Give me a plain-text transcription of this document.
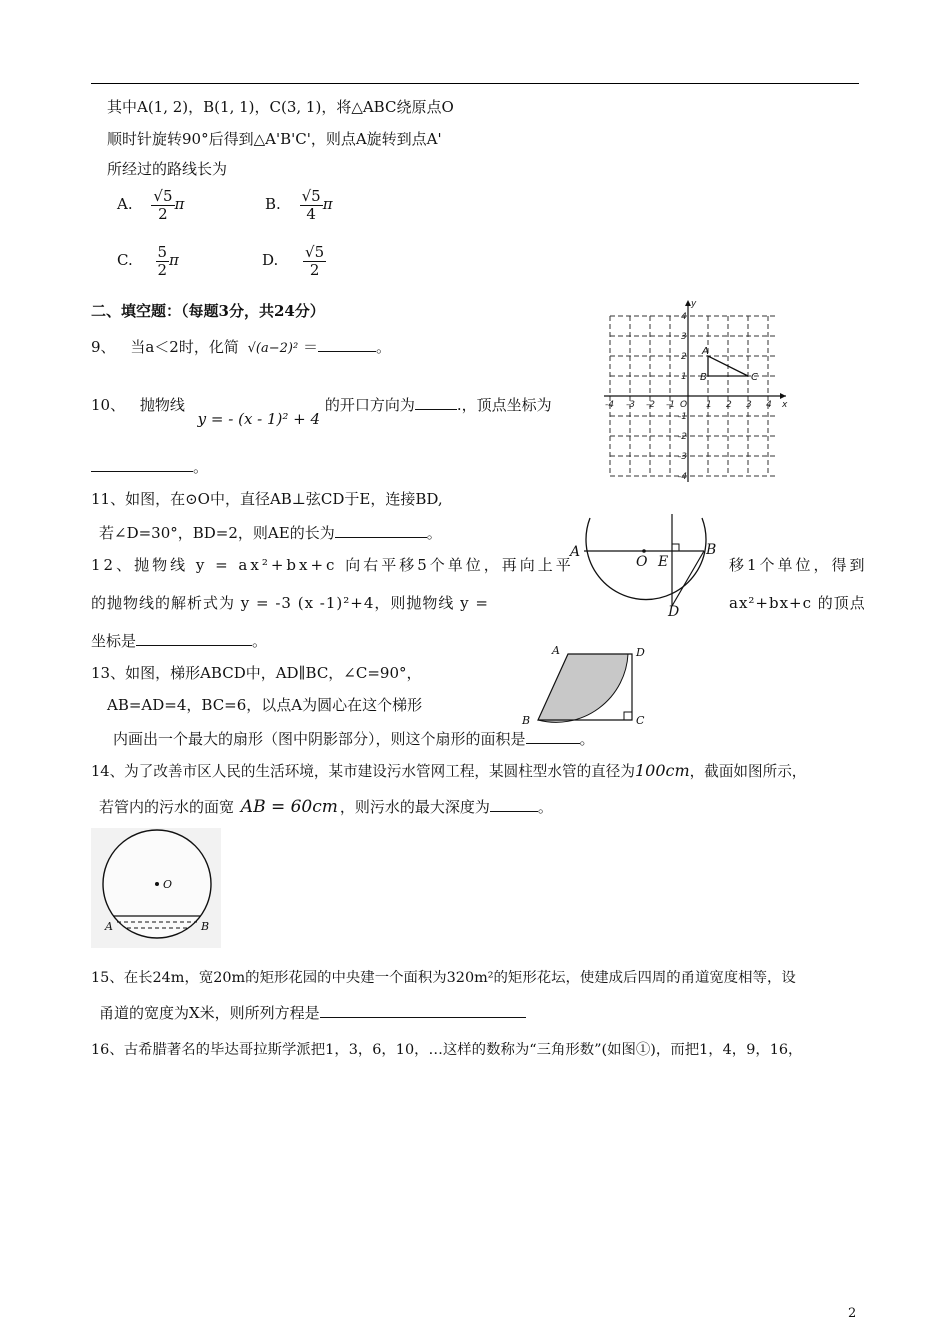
其中A(1, 2)，B(1, 1)，C(3, 1)，将△ABC绕原点O
顺时针旋转90°后得到△A'B'C'，则点A旋转到点A'
所经过的路线长为
A. $\frac{√5}{2}$ π	B. $\frac{√5}{4}$ π
C. $\frac{5}{2}$ π	D. $\frac{√5}{2}$
二、填空题：（每题3分，共24分）
9、 当a＜2时，化简 √(a−2)² ＝	。
10、 抛物线 y = - (x - 1)² + 4 的开口方向为	.，顶点坐标为
。
-4 -3 -2 -1 O 1 2 3 4 x
4
3
2
1
-1
-2
-3
-4
y
A
B	C
11、如图，在⊙O中，直径AB⊥弦CD于E，连接BD,
若∠D=30°，BD=2，则AE的长为	。
A
O E
B
D
12、抛物线 y = ax²+bx+c 向右平移5个单位，再向上平	移1个单位，得到
的抛物线的解析式为 y = -3 (x -1)²+4，则抛物线 y =	ax²+bx+c 的顶点
坐标是	。
A	D
B	C
13、如图，梯形ABCD中，AD∥BC，∠C=90°，
AB=AD=4，BC=6，以点A为圆心在这个梯形
内画出一个最大的扇形（图中阴影部分），则这个扇形的面积是	。
14、为了改善市区人民的生活环境，某市建设污水管网工程，某圆柱型水管的直径为100cm，截面如图所示，
若管内的污水的面宽 AB = 60cm ，则污水的最大深度为	。
O
A	B
15、在长24m，宽20m的矩形花园的中央建一个面积为320m²的矩形花坛，使建成后四周的甬道宽度相等，设
甬道的宽度为X米，则所列方程是
16、古希腊著名的毕达哥拉斯学派把1，3，6，10，…这样的数称为“三角形数”(如图①)，而把1，4，9，16，
2
